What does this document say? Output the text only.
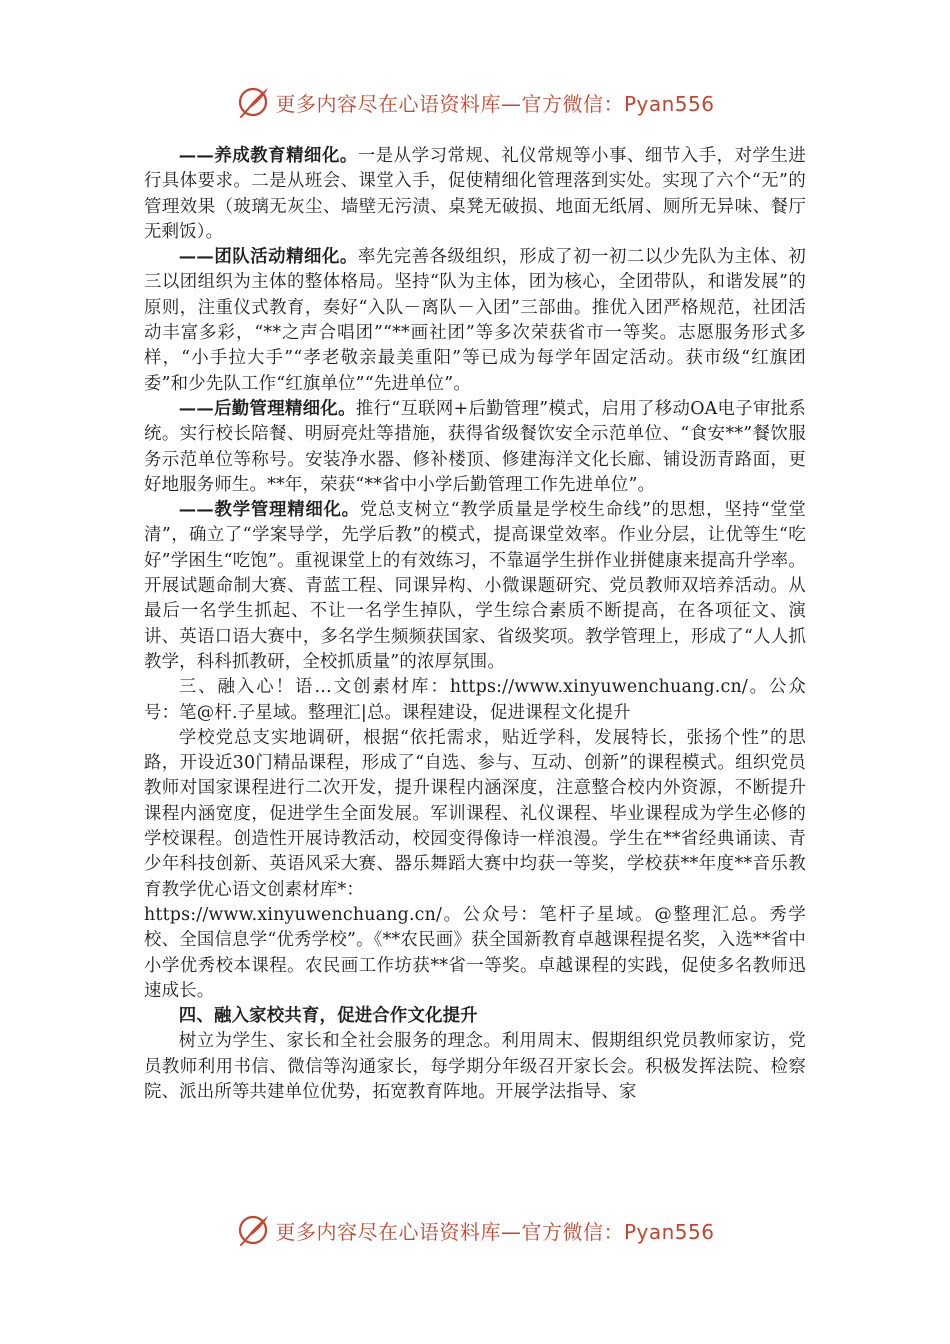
更多内容尽在心语资料库—官方微信：Pyan556

——养成教育精细化。一是从学习常规、礼仪常规等小事、细节入手，对学生进行具体要求。二是从班会、课堂入手，促使精细化管理落到实处。实现了六个“无”的管理效果（玻璃无灰尘、墙壁无污渍、桌凳无破损、地面无纸屑、厕所无异味、餐厅无剩饭）。

——团队活动精细化。率先完善各级组织，形成了初一初二以少先队为主体、初三以团组织为主体的整体格局。坚持“队为主体，团为核心，全团带队，和谐发展”的原则，注重仪式教育，奏好“入队－离队－入团”三部曲。推优入团严格规范，社团活动丰富多彩，“**之声合唱团”“**画社团”等多次荣获省市一等奖。志愿服务形式多样，“小手拉大手”“孝老敬亲最美重阳”等已成为每学年固定活动。获市级“红旗团委”和少先队工作“红旗单位”“先进单位”。

——后勤管理精细化。推行“互联网+后勤管理”模式，启用了移动OA电子审批系统。实行校长陪餐、明厨亮灶等措施，获得省级餐饮安全示范单位、“食安**”餐饮服务示范单位等称号。安装净水器、修补楼顶、修建海洋文化长廊、铺设沥青路面，更好地服务师生。**年，荣获“**省中小学后勤管理工作先进单位”。

——教学管理精细化。党总支树立“教学质量是学校生命线”的思想，坚持“堂堂清”，确立了“学案导学，先学后教”的模式，提高课堂效率。作业分层，让优等生“吃好”学困生“吃饱”。重视课堂上的有效练习，不靠逼学生拼作业拼健康来提高升学率。开展试题命制大赛、青蓝工程、同课异构、小微课题研究、党员教师双培养活动。从最后一名学生抓起、不让一名学生掉队，学生综合素质不断提高，在各项征文、演讲、英语口语大赛中，多名学生频频获国家、省级奖项。教学管理上，形成了“人人抓教学，科科抓教研，全校抓质量”的浓厚氛围。

三、融入心！语…文创素材库：https://www.xinyuwenchuang.cn/。公众号：笔@杆.子星域。整理汇|总。课程建设，促进课程文化提升

学校党总支实地调研，根据“依托需求，贴近学科，发展特长，张扬个性”的思路，开设近30门精品课程，形成了“自选、参与、互动、创新”的课程模式。组织党员教师对国家课程进行二次开发，提升课程内涵深度，注意整合校内外资源，不断提升课程内涵宽度，促进学生全面发展。军训课程、礼仪课程、毕业课程成为学生必修的学校课程。创造性开展诗教活动，校园变得像诗一样浪漫。学生在**省经典诵读、青少年科技创新、英语风采大赛、器乐舞蹈大赛中均获一等奖，学校获**年度**音乐教育教学优心语文创素材库*：

https://www.xinyuwenchuang.cn/。公众号：笔杆子星域。@整理汇总。秀学校、全国信息学“优秀学校”。《**农民画》获全国新教育卓越课程提名奖，入选**省中小学优秀校本课程。农民画工作坊获**省一等奖。卓越课程的实践，促使多名教师迅速成长。

四、融入家校共育，促进合作文化提升

树立为学生、家长和全社会服务的理念。利用周末、假期组织党员教师家访，党员教师利用书信、微信等沟通家长，每学期分年级召开家长会。积极发挥法院、检察院、派出所等共建单位优势，拓宽教育阵地。开展学法指导、家

更多内容尽在心语资料库—官方微信：Pyan556
